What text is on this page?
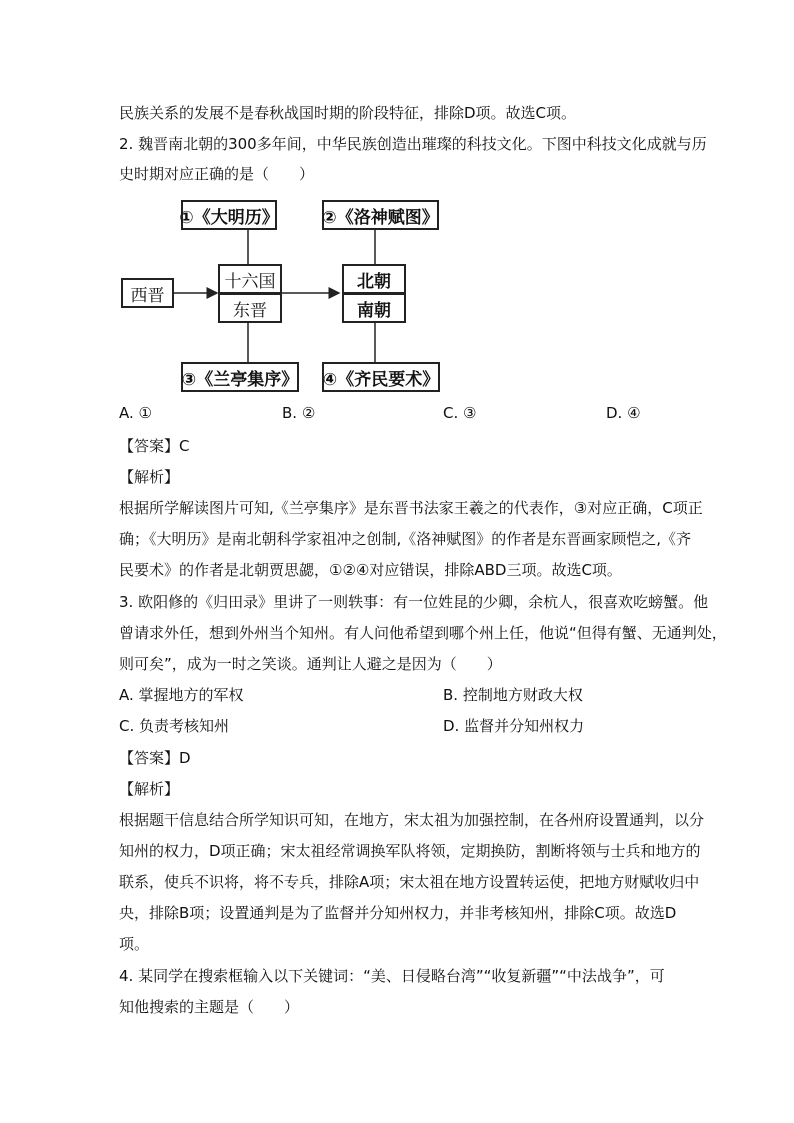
民族关系的发展不是春秋战国时期的阶段特征，排除D项。故选C项。
2. 魏晋南北朝的300多年间，中华民族创造出璀璨的科技文化。下图中科技文化成就与历
史时期对应正确的是（　　）
①《大明历》	②《洛神赋图》
西晋
十六国
东晋
北朝
南朝
③《兰亭集序》 ④《齐民要术》
A. ①	B. ②	C. ③	D. ④
【答案】C
【解析】
根据所学解读图片可知,《兰亭集序》是东晋书法家王羲之的代表作，③对应正确，C项正
确；《大明历》是南北朝科学家祖冲之创制,《洛神赋图》的作者是东晋画家顾恺之,《齐
民要术》的作者是北朝贾思勰，①②④对应错误，排除ABD三项。故选C项。
3. 欧阳修的《归田录》里讲了一则轶事：有一位姓昆的少卿，余杭人，很喜欢吃螃蟹。他
曾请求外任，想到外州当个知州。有人问他希望到哪个州上任，他说“但得有蟹、无通判处，
则可矣”，成为一时之笑谈。通判让人避之是因为（　　）
A. 掌握地方的军权	B. 控制地方财政大权
C. 负责考核知州	D. 监督并分知州权力
【答案】D
【解析】
根据题干信息结合所学知识可知，在地方，宋太祖为加强控制，在各州府设置通判，以分
知州的权力，D项正确；宋太祖经常调换军队将领，定期换防，割断将领与士兵和地方的
联系，使兵不识将，将不专兵，排除A项；宋太祖在地方设置转运使，把地方财赋收归中
央，排除B项；设置通判是为了监督并分知州权力，并非考核知州，排除C项。故选D
项。
4. 某同学在搜索框输入以下关键词：“美、日侵略台湾”“收复新疆”“中法战争”，可
知他搜索的主题是（　　）
